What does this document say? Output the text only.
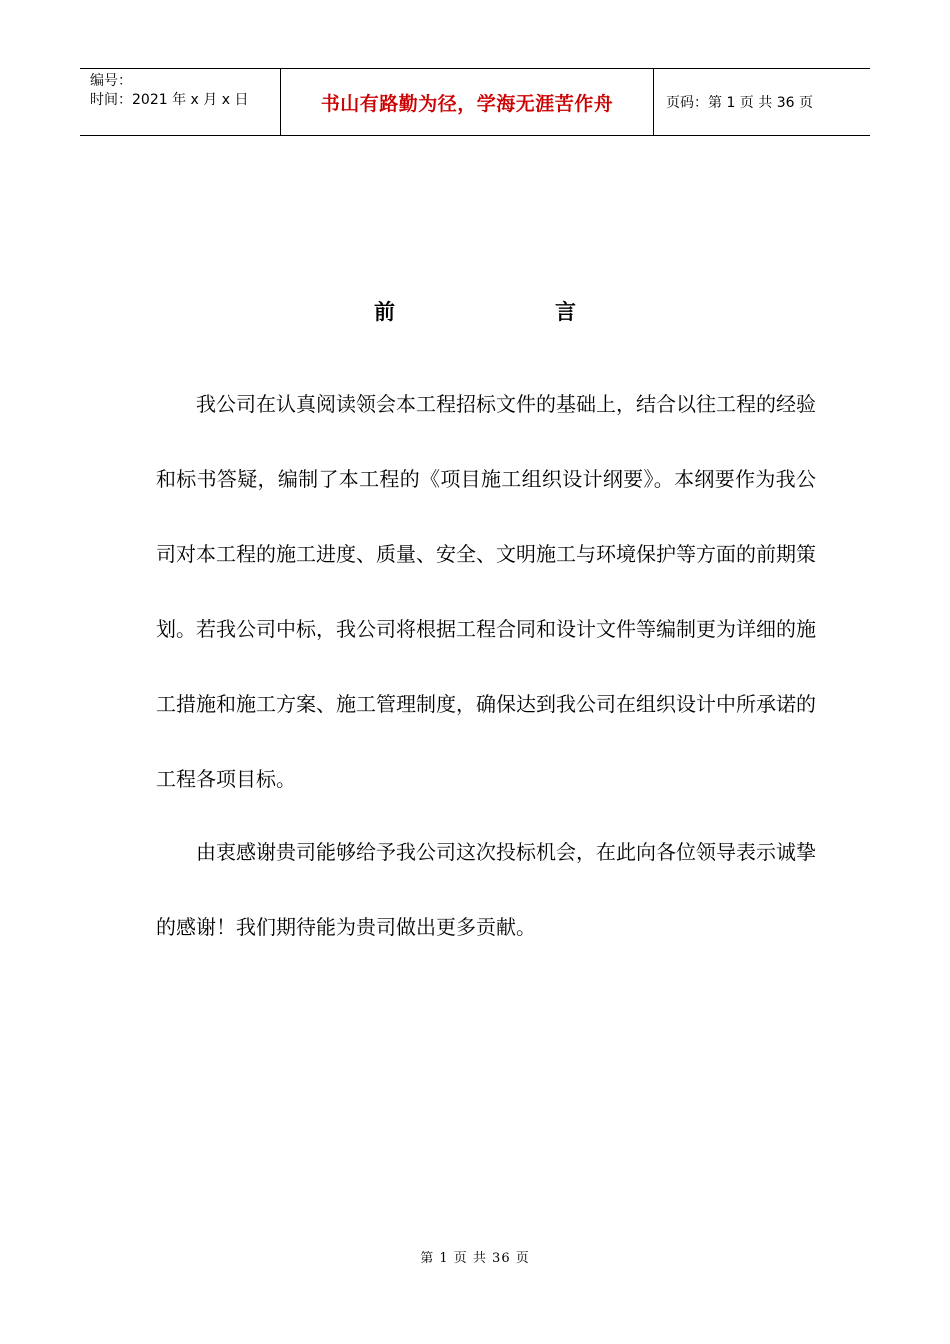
编号：
时间：2021 年 x 月 x 日	书山有路勤为径，学海无涯苦作舟	页码：第 1 页 共 36 页
前言

我公司在认真阅读领会本工程招标文件的基础上，结合以往工程的经验和标书答疑，编制了本工程的《项目施工组织设计纲要》。本纲要作为我公司对本工程的施工进度、质量、安全、文明施工与环境保护等方面的前期策划。若我公司中标，我公司将根据工程合同和设计文件等编制更为详细的施工措施和施工方案、施工管理制度，确保达到我公司在组织设计中所承诺的工程各项目标。

由衷感谢贵司能够给予我公司这次投标机会，在此向各位领导表示诚挚的感谢！我们期待能为贵司做出更多贡献。

第 1 页 共 36 页
